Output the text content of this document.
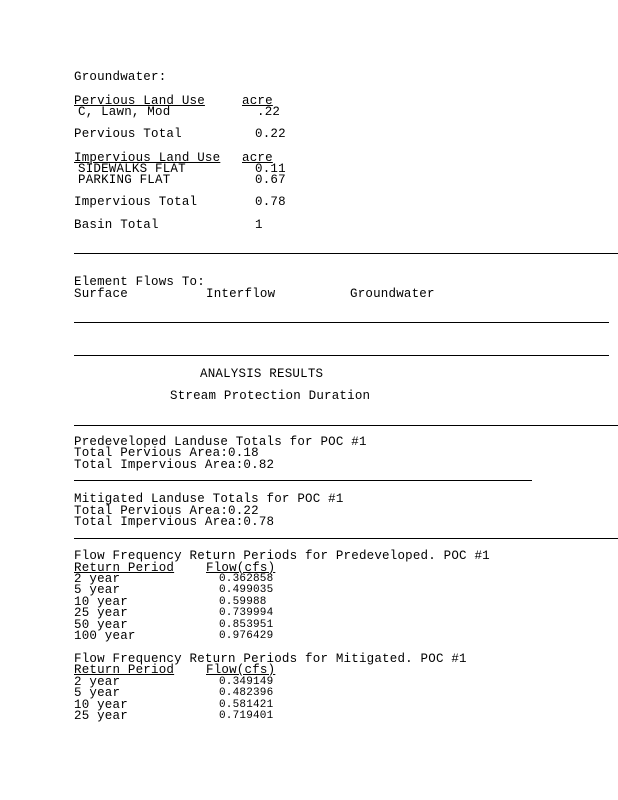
Groundwater:
Pervious Land Use	acre
C, Lawn, Mod	.22
Pervious Total	0.22
Impervious Land Use acre
SIDEWALKS FLAT	0.11
PARKING FLAT	0.67
Impervious Total	0.78
Basin Total	1
Element Flows To:
Surface	Interflow	Groundwater
ANALYSIS RESULTS
Stream Protection Duration
Predeveloped Landuse Totals for POC #1
Total Pervious Area:0.18
Total Impervious Area:0.82
Mitigated Landuse Totals for POC #1
Total Pervious Area:0.22
Total Impervious Area:0.78
Flow Frequency Return Periods for Predeveloped. POC #1
Return Period	Flow(cfs)
2 year	0.362858
5 year	0.499035
10 year	0.59988
25 year	0.739994
50 year	0.853951
100 year	0.976429
Flow Frequency Return Periods for Mitigated. POC #1
Return Period	Flow(cfs)
2 year	0.349149
5 year	0.482396
10 year	0.581421
25 year	0.719401
